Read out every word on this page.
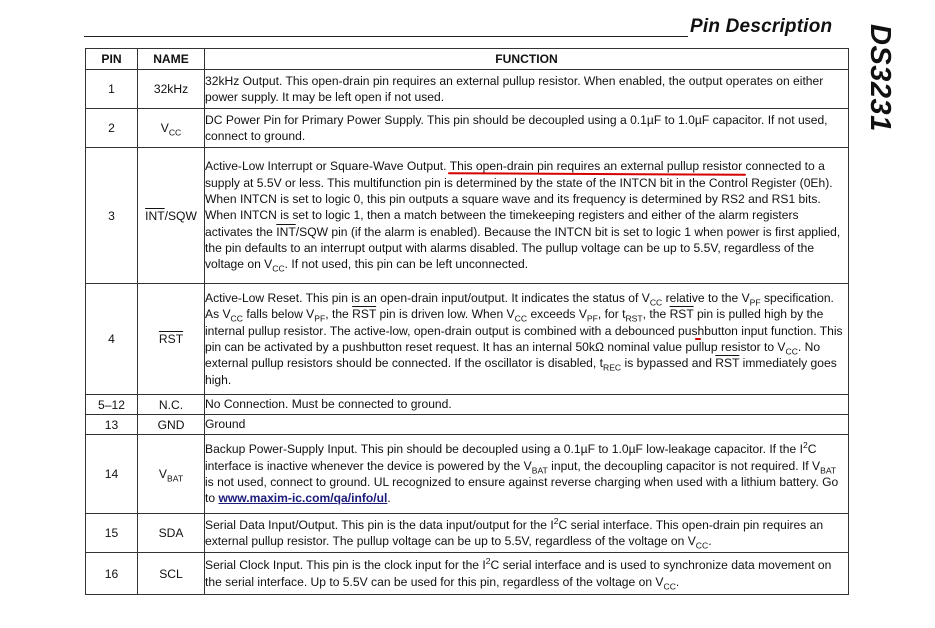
Pin Description DS3231
PIN	NAME	FUNCTION
1	32kHz	32kHz Output. This open-drain pin requires an external pullup resistor. When enabled, the output operates on either power supply. It may be left open if not used.
2	$V_{CC}$	DC Power Pin for Primary Power Supply. This pin should be decoupled using a 0.1µF to 1.0µF capacitor. If not used, connect to ground.
3	$\overline{INT}$/SQW	Active-Low Interrupt or Square-Wave Output. This open-drain pin requires an external pullup resistor connected to a supply at 5.5V or less. This multifunction pin is determined by the state of the INTCN bit in the Control Register (0Eh). When INTCN is set to logic 0, this pin outputs a square wave and its frequency is determined by RS2 and RS1 bits. When INTCN is set to logic 1, then a match between the timekeeping registers and either of the alarm registers activates the $\overline{INT}$/SQW pin (if the alarm is enabled). Because the INTCN bit is set to logic 1 when power is first applied, the pin defaults to an interrupt output with alarms disabled. The pullup voltage can be up to 5.5V, regardless of the voltage on $V_{CC}$. If not used, this pin can be left unconnected.
4	$\overline{RST}$	Active-Low Reset. This pin is an open-drain input/output. It indicates the status of $V_{CC}$ relative to the $V_{PF}$ specification. As $V_{CC}$ falls below $V_{PF}$, the $\overline{RST}$ pin is driven low. When $V_{CC}$ exceeds $V_{PF}$, for $t_{RST}$, the $\overline{RST}$ pin is pulled high by the internal pullup resistor. The active-low, open-drain output is combined with a debounced pushbutton input function. This pin can be activated by a pushbutton reset request. It has an internal 50kΩ nominal value pullup resistor to $V_{CC}$. No external pullup resistors should be connected. If the oscillator is disabled, $t_{REC}$ is bypassed and $\overline{RST}$ immediately goes high.
5–12	N.C.	No Connection. Must be connected to ground.
13	GND	Ground
14	$V_{BAT}$	Backup Power-Supply Input. This pin should be decoupled using a 0.1µF to 1.0µF low-leakage capacitor. If the $I^2C$ interface is inactive whenever the device is powered by the $V_{BAT}$ input, the decoupling capacitor is not required. If $V_{BAT}$ is not used, connect to ground. UL recognized to ensure against reverse charging when used with a lithium battery. Go to www.maxim-ic.com/qa/info/ul.
15	SDA	Serial Data Input/Output. This pin is the data input/output for the $I^2C$ serial interface. This open-drain pin requires an external pullup resistor. The pullup voltage can be up to 5.5V, regardless of the voltage on $V_{CC}$.
16	SCL	Serial Clock Input. This pin is the clock input for the $I^2C$ serial interface and is used to synchronize data movement on the serial interface. Up to 5.5V can be used for this pin, regardless of the voltage on $V_{CC}$.
